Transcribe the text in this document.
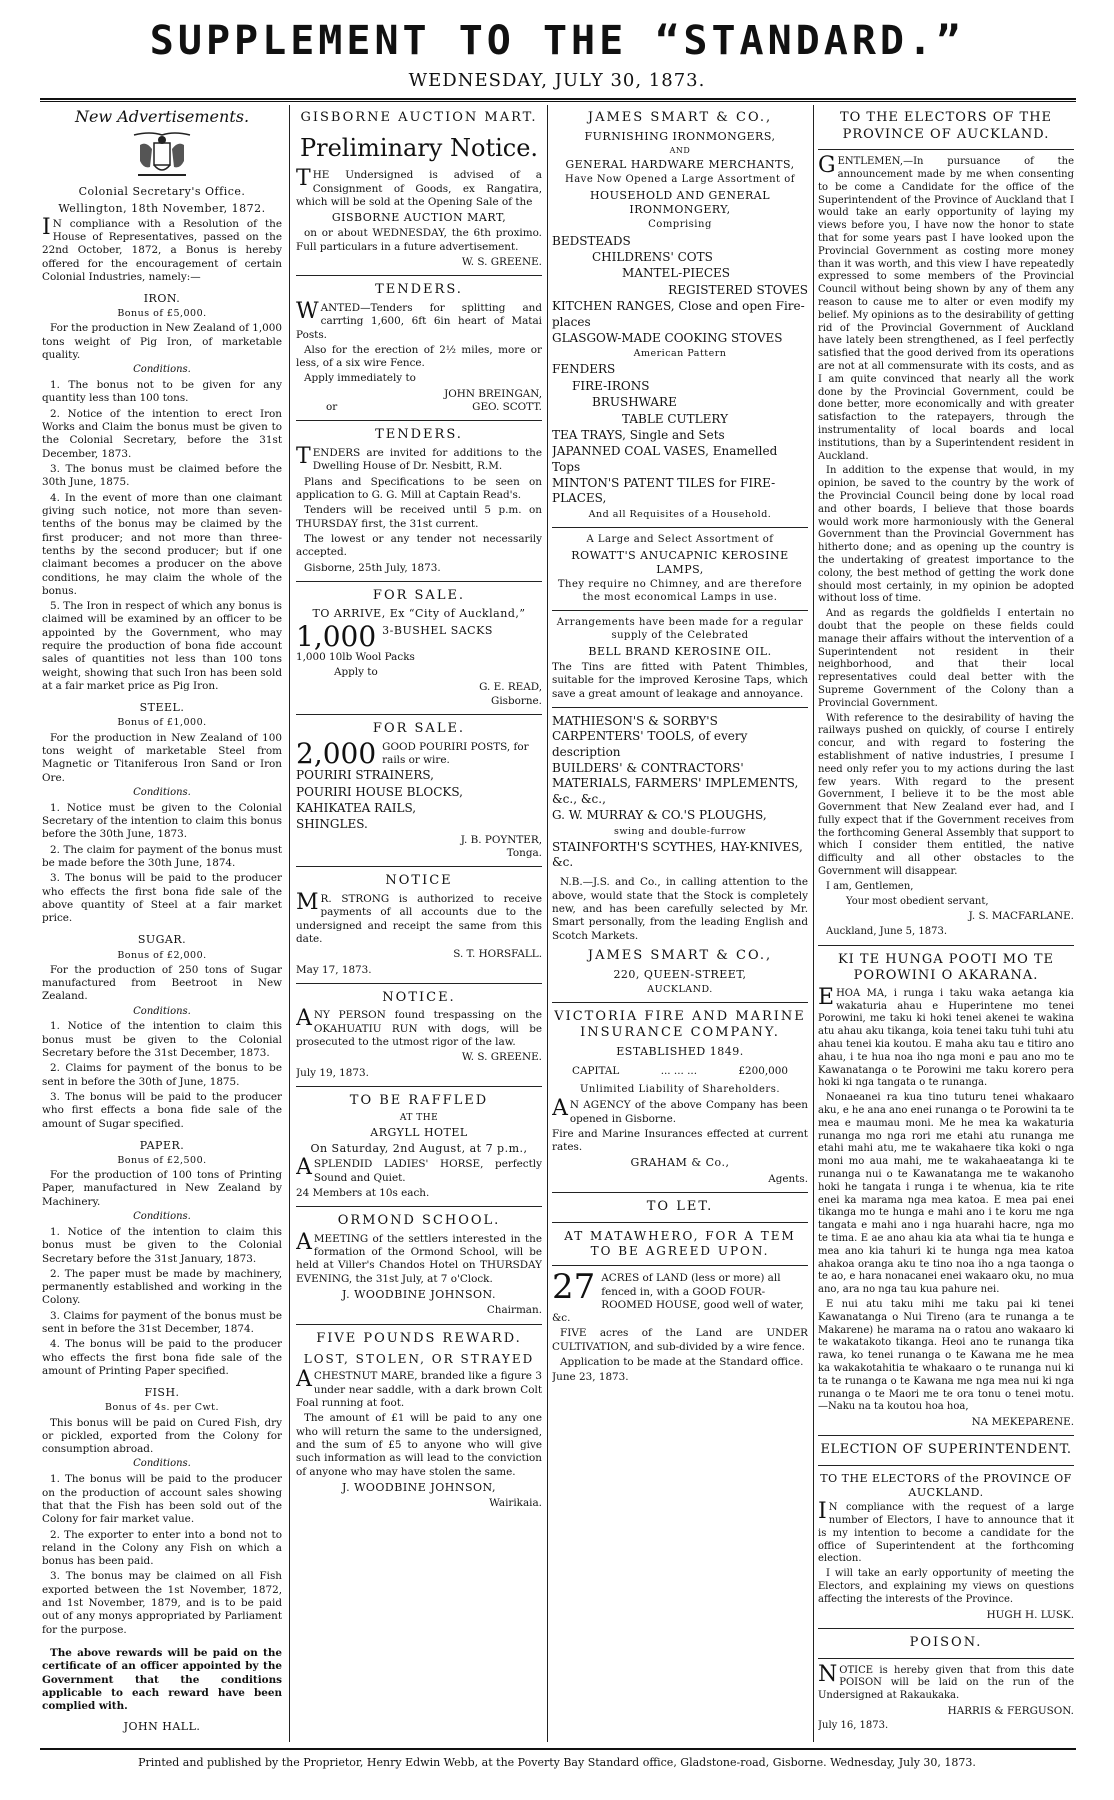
SUPPLEMENT TO THE “STANDARD.”
WEDNESDAY, JULY 30, 1873.
New Advertisements.
Colonial Secretary's Office.
Wellington, 18th November, 1872.
IN compliance with a Resolution of the House of Representatives, passed on the 22nd October, 1872, a Bonus is hereby offered for the encouragement of certain Colonial Industries, namely:—
IRON.
Bonus of £5,000.
For the production in New Zealand of 1,000 tons weight of Pig Iron, of marketable quality.
Conditions.
1. The bonus not to be given for any quantity less than 100 tons.
2. Notice of the intention to erect Iron Works and Claim the bonus must be given to the Colonial Secretary, before the 31st December, 1873.
3. The bonus must be claimed before the 30th June, 1875.
4. In the event of more than one claimant giving such notice, not more than seven-tenths of the bonus may be claimed by the first producer; and not more than three-tenths by the second producer; but if one claimant becomes a producer on the above conditions, he may claim the whole of the bonus.
5. The Iron in respect of which any bonus is claimed will be examined by an officer to be appointed by the Government, who may require the production of bona fide account sales of quantities not less than 100 tons weight, showing that such Iron has been sold at a fair market price as Pig Iron.
STEEL.
Bonus of £1,000.
For the production in New Zealand of 100 tons weight of marketable Steel from Magnetic or Titaniferous Iron Sand or Iron Ore.
Conditions.
1. Notice must be given to the Colonial Secretary of the intention to claim this bonus before the 30th June, 1873.
2. The claim for payment of the bonus must be made before the 30th June, 1874.
3. The bonus will be paid to the producer who effects the first bona fide sale of the above quantity of Steel at a fair market price.
SUGAR.
Bonus of £2,000.
For the production of 250 tons of Sugar manufactured from Beetroot in New Zealand.
Conditions.
1. Notice of the intention to claim this bonus must be given to the Colonial Secretary before the 31st December, 1873.
2. Claims for payment of the bonus to be sent in before the 30th of June, 1875.
3. The bonus will be paid to the producer who first effects a bona fide sale of the amount of Sugar specified.
PAPER.
Bonus of £2,500.
For the production of 100 tons of Printing Paper, manufactured in New Zealand by Machinery.
Conditions.
1. Notice of the intention to claim this bonus must be given to the Colonial Secretary before the 31st January, 1873.
2. The paper must be made by machinery, permanently established and working in the Colony.
3. Claims for payment of the bonus must be sent in before the 31st December, 1874.
4. The bonus will be paid to the producer who effects the first bona fide sale of the amount of Printing Paper specified.
FISH.
Bonus of 4s. per Cwt.
This bonus will be paid on Cured Fish, dry or pickled, exported from the Colony for consumption abroad.
Conditions.
1. The bonus will be paid to the producer on the production of account sales showing that that the Fish has been sold out of the Colony for fair market value.
2. The exporter to enter into a bond not to reland in the Colony any Fish on which a bonus has been paid.
3. The bonus may be claimed on all Fish exported between the 1st November, 1872, and 1st November, 1879, and is to be paid out of any monys appropriated by Parliament for the purpose.
The above rewards will be paid on the certificate of an officer appointed by the Government that the conditions applicable to each reward have been complied with.
JOHN HALL.
GISBORNE AUCTION MART.
Preliminary Notice.
THE Undersigned is advised of a Consignment of Goods, ex Rangatira, which will be sold at the Opening Sale of the
GISBORNE AUCTION MART,
on or about WEDNESDAY, the 6th proximo. Full particulars in a future advertisement.
W. S. GREENE.
TENDERS.
WANTED—Tenders for splitting and carrting 1,600, 6ft 6in heart of Matai Posts.
Also for the erection of 2½ miles, more or less, of a six wire Fence.
Apply immediately to
JOHN BREINGAN,
or	GEO. SCOTT.
TENDERS.
TENDERS are invited for additions to the Dwelling House of Dr. Nesbitt, R.M.
Plans and Specifications to be seen on application to G. G. Mill at Captain Read's.
Tenders will be received until 5 p.m. on THURSDAY first, the 31st current.
The lowest or any tender not necessarily accepted.
Gisborne, 25th July, 1873.
FOR SALE.
TO ARRIVE, Ex “City of Auckland,”
1,000 3-BUSHEL SACKS
1,000 10lb Wool Packs
Apply to
G. E. READ,
Gisborne.
FOR SALE.
2,000 GOOD POURIRI POSTS, for rails or wire.
POURIRI STRAINERS,
POURIRI HOUSE BLOCKS,
KAHIKATEA RAILS,
SHINGLES.
J. B. POYNTER,
Tonga.
NOTICE
MR. STRONG is authorized to receive payments of all accounts due to the undersigned and receipt the same from this date.
S. T. HORSFALL.
May 17, 1873.
NOTICE.
ANY PERSON found trespassing on the OKAHUATIU RUN with dogs, will be prosecuted to the utmost rigor of the law.
W. S. GREENE.
July 19, 1873.
TO BE RAFFLED
AT THE
ARGYLL HOTEL
On Saturday, 2nd August, at 7 p.m.,
ASPLENDID LADIES' HORSE, perfectly Sound and Quiet.
24 Members at 10s each.
ORMOND SCHOOL.
AMEETING of the settlers interested in the formation of the Ormond School, will be held at Viller's Chandos Hotel on THURSDAY EVENING, the 31st July, at 7 o'Clock.
J. WOODBINE JOHNSON.
Chairman.
FIVE POUNDS REWARD.
LOST, STOLEN, OR STRAYED
ACHESTNUT MARE, branded like a figure 3 under near saddle, with a dark brown Colt Foal running at foot.
The amount of £1 will be paid to any one who will return the same to the undersigned, and the sum of £5 to anyone who will give such information as will lead to the conviction of anyone who may have stolen the same.
J. WOODBINE JOHNSON,
Wairikaia.
JAMES SMART & CO.,
FURNISHING IRONMONGERS,
AND
GENERAL HARDWARE MERCHANTS,
Have Now Opened a Large Assortment of
HOUSEHOLD AND GENERAL IRONMONGERY,
Comprising
BEDSTEADS
CHILDRENS' COTS
MANTEL-PIECES
REGISTERED STOVES
KITCHEN RANGES, Close and open Fire-places
GLASGOW-MADE COOKING STOVES
American Pattern
FENDERS
FIRE-IRONS
BRUSHWARE
TABLE CUTLERY
TEA TRAYS, Single and Sets
JAPANNED COAL VASES, Enamelled Tops
MINTON'S PATENT TILES for FIRE-PLACES,
And all Requisites of a Household.
A Large and Select Assortment of
ROWATT'S ANUCAPNIC KEROSINE LAMPS,
They require no Chimney, and are therefore the most economical Lamps in use.
Arrangements have been made for a regular supply of the Celebrated
BELL BRAND KEROSINE OIL.
The Tins are fitted with Patent Thimbles, suitable for the improved Kerosine Taps, which save a great amount of leakage and annoyance.
MATHIESON'S & SORBY'S CARPENTERS' TOOLS, of every description
BUILDERS' & CONTRACTORS' MATERIALS, FARMERS' IMPLEMENTS, &c., &c.,
G. W. MURRAY & CO.'S PLOUGHS,
swing and double-furrow
STAINFORTH'S SCYTHES, HAY-KNIVES, &c.
N.B.—J.S. and Co., in calling attention to the above, would state that the Stock is completely new, and has been carefully selected by Mr. Smart personally, from the leading English and Scotch Markets.
JAMES SMART & CO.,
220, QUEEN-STREET,
AUCKLAND.
VICTORIA FIRE AND MARINE INSURANCE COMPANY.
ESTABLISHED 1849.
CAPITAL	... ... ...	£200,000
Unlimited Liability of Shareholders.
AN AGENCY of the above Company has been opened in Gisborne.
Fire and Marine Insurances effected at current rates.
GRAHAM & Co.,
Agents.
TO LET.
AT MATAWHERO, FOR A TEM TO BE AGREED UPON.
27 ACRES of LAND (less or more) all fenced in, with a GOOD FOUR-ROOMED HOUSE, good well of water, &c.
FIVE acres of the Land are UNDER CULTIVATION, and sub-divided by a wire fence.
Application to be made at the Standard office.
June 23, 1873.
TO THE ELECTORS OF THE PROVINCE OF AUCKLAND.
GENTLEMEN,—In pursuance of the announcement made by me when consenting to be come a Candidate for the office of the Superintendent of the Province of Auckland that I would take an early opportunity of laying my views before you, I have now the honor to state that for some years past I have looked upon the Provincial Government as costing more money than it was worth, and this view I have repeatedly expressed to some members of the Provincial Council without being shown by any of them any reason to cause me to alter or even modify my belief. My opinions as to the desirability of getting rid of the Provincial Government of Auckland have lately been strengthened, as I feel perfectly satisfied that the good derived from its operations are not at all commensurate with its costs, and as I am quite convinced that nearly all the work done by the Provincial Government, could be done better, more economically and with greater satisfaction to the ratepayers, through the instrumentality of local boards and local institutions, than by a Superintendent resident in Auckland.
In addition to the expense that would, in my opinion, be saved to the country by the work of the Provincial Council being done by local road and other boards, I believe that those boards would work more harmoniously with the General Government than the Provincial Government has hitherto done; and as opening up the country is the undertaking of greatest importance to the colony, the best method of getting the work done should most certainly, in my opinion be adopted without loss of time.
And as regards the goldfields I entertain no doubt that the people on these fields could manage their affairs without the intervention of a Superintendent not resident in their neighborhood, and that their local representatives could deal better with the Supreme Government of the Colony than a Provincial Government.
With reference to the desirability of having the railways pushed on quickly, of course I entirely concur, and with regard to fostering the establishment of native industries, I presume I need only refer you to my actions during the last few years. With regard to the present Government, I believe it to be the most able Government that New Zealand ever had, and I fully expect that if the Government receives from the forthcoming General Assembly that support to which I consider them entitled, the native difficulty and all other obstacles to the Government will disappear.
I am, Gentlemen,
Your most obedient servant,
J. S. MACFARLANE.
Auckland, June 5, 1873.
KI TE HUNGA POOTI MO TE POROWINI O AKARANA.
EHOA MA, i runga i taku waka aetanga kia wakaturia ahau e Huperintene mo tenei Porowini, me taku ki hoki tenei akenei te wakina atu ahau aku tikanga, koia tenei taku tuhi tuhi atu ahau tenei kia koutou. E maha aku tau e titiro ano ahau, i te hua noa iho nga moni e pau ano mo te Kawanatanga o te Porowini me taku korero pera hoki ki nga tangata o te runanga.
Nonaeanei ra kua tino tuturu tenei whakaaro aku, e he ana ano enei runanga o te Porowini ta te mea e maumau moni. Me he mea ka wakaturia runanga mo nga rori me etahi atu runanga me etahi mahi atu, me te wakahaere tika koki o nga moni mo aua mahi, me te wakahaeatanga ki te runanga nui o te Kawanatanga me te wakanoho hoki he tangata i runga i te whenua, kia te rite enei ka marama nga mea katoa. E mea pai enei tikanga mo te hunga e mahi ano i te koru me nga tangata e mahi ano i nga huarahi hacre, nga mo te tima. E ae ano ahau kia ata whai tia te hunga e mea ano kia tahuri ki te hunga nga mea katoa ahakoa oranga aku te tino noa iho a nga taonga o te ao, e hara nonacanei enei wakaaro oku, no mua ano, ara no nga tau kua pahure nei.
E nui atu taku mihi me taku pai ki tenei Kawanatanga o Nui Tireno (ara te runanga a te Makarene) he marama na o ratou ano wakaaro ki te wakatakoto tikanga. Heoi ano te runanga tika rawa, ko tenei runanga o te Kawana me he mea ka wakakotahitia te whakaaro o te runanga nui ki ta te runanga o te Kawana me nga mea nui ki nga runanga o te Maori me te ora tonu o tenei motu.—Naku na ta koutou hoa hoa,
NA MEKEPARENE.
ELECTION OF SUPERINTENDENT.
TO THE ELECTORS of the PROVINCE OF AUCKLAND.
IN compliance with the request of a large number of Electors, I have to announce that it is my intention to become a candidate for the office of Superintendent at the forthcoming election.
I will take an early opportunity of meeting the Electors, and explaining my views on questions affecting the interests of the Province.
HUGH H. LUSK.
POISON.
NOTICE is hereby given that from this date POISON will be laid on the run of the Undersigned at Rakaukaka.
HARRIS & FERGUSON.
July 16, 1873.
Printed and published by the Proprietor, Henry Edwin Webb, at the Poverty Bay Standard office, Gladstone-road, Gisborne. Wednesday, July 30, 1873.
